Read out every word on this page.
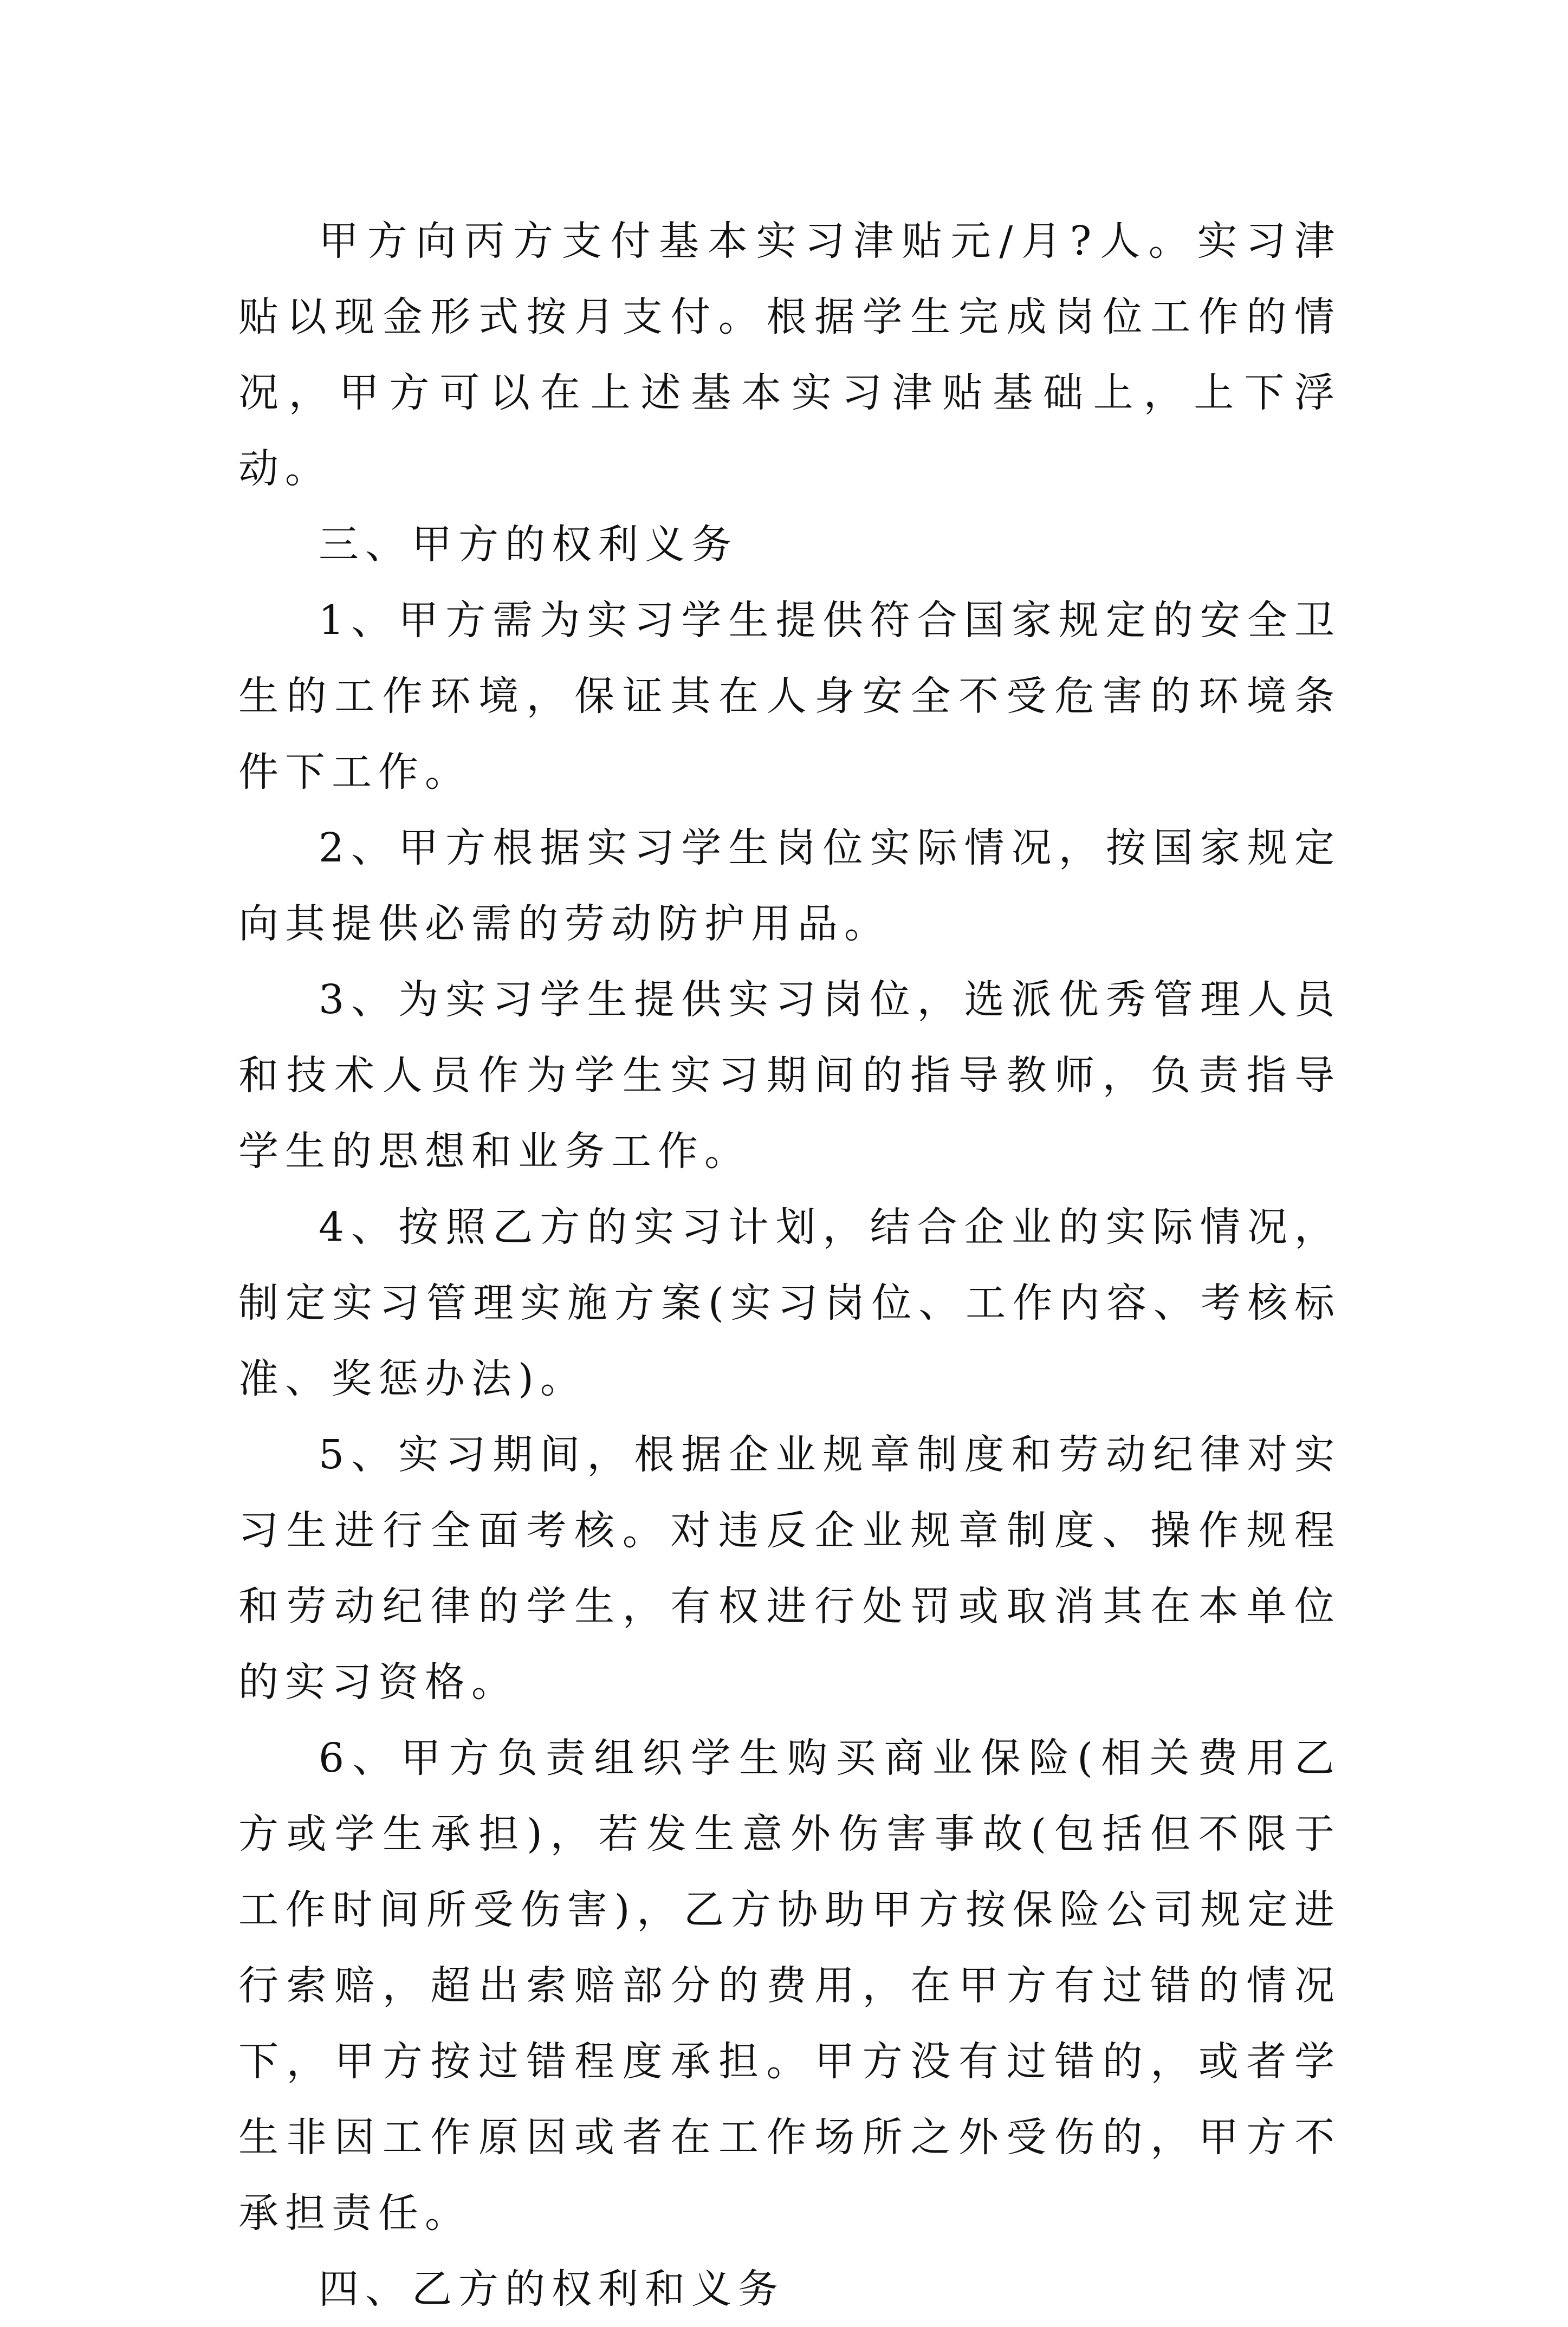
甲方向丙方支付基本实习津贴元/月?人。实习津贴以现金形式按月支付。根据学生完成岗位工作的情况，甲方可以在上述基本实习津贴基础上，上下浮动。

三、甲方的权利义务

1、甲方需为实习学生提供符合国家规定的安全卫生的工作环境，保证其在人身安全不受危害的环境条件下工作。

2、甲方根据实习学生岗位实际情况，按国家规定向其提供必需的劳动防护用品。

3、为实习学生提供实习岗位，选派优秀管理人员和技术人员作为学生实习期间的指导教师，负责指导学生的思想和业务工作。

4、按照乙方的实习计划，结合企业的实际情况，制定实习管理实施方案(实习岗位、工作内容、考核标准、奖惩办法)。

5、实习期间，根据企业规章制度和劳动纪律对实习生进行全面考核。对违反企业规章制度、操作规程和劳动纪律的学生，有权进行处罚或取消其在本单位的实习资格。

6、甲方负责组织学生购买商业保险(相关费用乙方或学生承担)，若发生意外伤害事故(包括但不限于工作时间所受伤害)，乙方协助甲方按保险公司规定进行索赔，超出索赔部分的费用，在甲方有过错的情况下，甲方按过错程度承担。甲方没有过错的，或者学生非因工作原因或者在工作场所之外受伤的，甲方不承担责任。

四、乙方的权利和义务
